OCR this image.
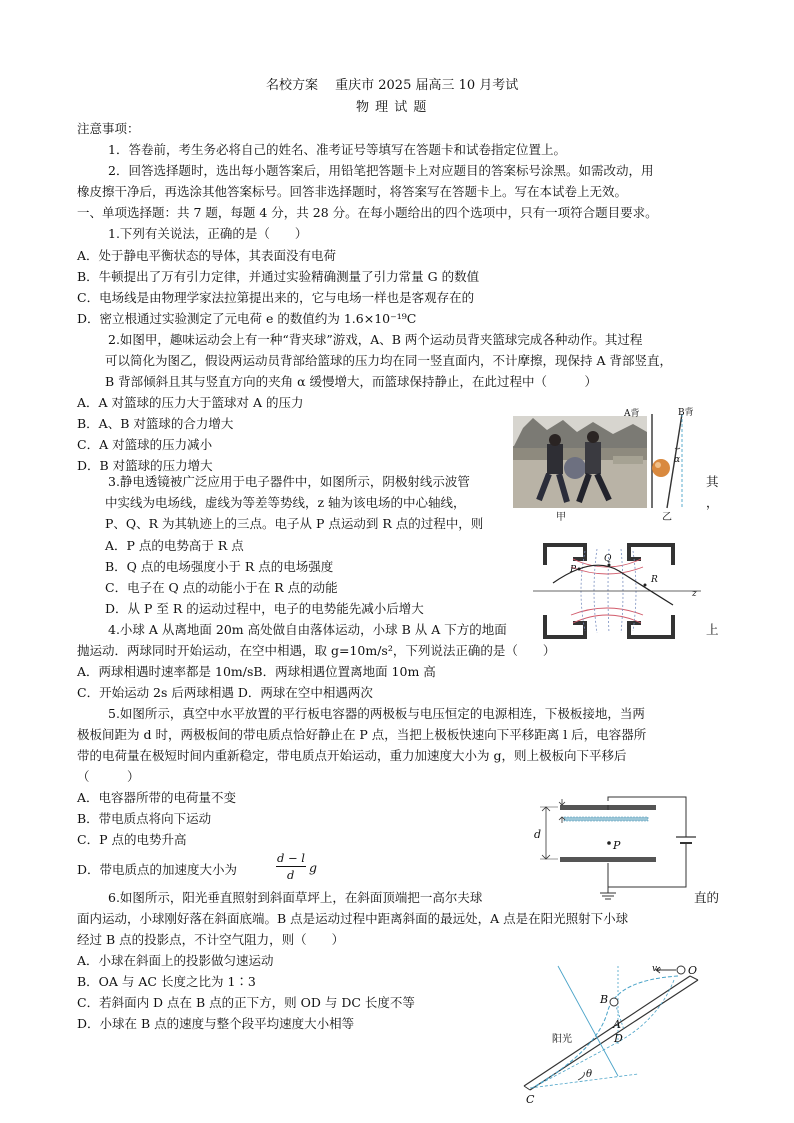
名校方案　 重庆市 2025 届高三 10 月考试
物 理 试 题
注意事项：
1．答卷前，考生务必将自己的姓名、准考证号等填写在答题卡和试卷指定位置上。
2．回答选择题时，选出每小题答案后，用铅笔把答题卡上对应题目的答案标号涂黑。如需改动，用
橡皮擦干净后，再选涂其他答案标号。回答非选择题时，将答案写在答题卡上。写在本试卷上无效。
一、单项选择题：共 7 题，每题 4 分，共 28 分。在每小题给出的四个选项中，只有一项符合题目要求。
1.下列有关说法，正确的是（　　）
A．处于静电平衡状态的导体，其表面没有电荷
B．牛顿提出了万有引力定律，并通过实验精确测量了引力常量 G 的数值
C．电场线是由物理学家法拉第提出来的，它与电场一样也是客观存在的
D．密立根通过实验测定了元电荷 e 的数值约为 1.6×10⁻¹⁹C
2.如图甲，趣味运动会上有一种“背夹球”游戏，A、B 两个运动员背夹篮球完成各种动作。其过程
可以简化为图乙，假设两运动员背部给篮球的压力均在同一竖直面内，不计摩擦，现保持 A 背部竖直，
B 背部倾斜且其与竖直方向的夹角 α 缓慢增大，而篮球保持静止，在此过程中（　　　）
A．A 对篮球的压力大于篮球对 A 的压力
B．A、B 对篮球的合力增大
C．A 对篮球的压力减小
D．B 对篮球的压力增大
甲
A背	B背
α
乙
3.静电透镜被广泛应用于电子器件中，如图所示，阴极射线示波管	其
中实线为电场线，虚线为等差等势线，z 轴为该电场的中心轴线，	，
P、Q、R 为其轨迹上的三点。电子从 P 点运动到 R 点的过程中，则
A．P 点的电势高于 R 点
B．Q 点的电场强度小于 R 点的电场强度
C．电子在 Q 点的动能小于在 R 点的动能
D．从 P 至 R 的运动过程中，电子的电势能先减小后增大
P
Q
R
z
4.小球 A 从离地面 20m 高处做自由落体运动，小球 B 从 A 下方的地面	上
抛运动．两球同时开始运动，在空中相遇，取 g=10m/s²，下列说法正确的是（　　）
A．两球相遇时速率都是 10m/sB．两球相遇位置离地面 10m 高
C．开始运动 2s 后两球相遇 D．两球在空中相遇两次
5.如图所示，真空中水平放置的平行板电容器的两极板与电压恒定的电源相连，下极板接地，当两
极板间距为 d 时，两极板间的带电质点恰好静止在 P 点，当把上极板快速向下平移距离 l 后，电容器所
带的电荷量在极短时间内重新稳定，带电质点开始运动，重力加速度大小为 g，则上极板向下平移后
（　　　）
A．电容器所带的电荷量不变
B．带电质点将向下运动
C．P 点的电势升高
D．带电质点的加速度大小为
d − l
d g
d
P
6.如图所示，阳光垂直照射到斜面草坪上，在斜面顶端把一高尔夫球	直的
面内运动，小球刚好落在斜面底端。B 点是运动过程中距离斜面的最远处，A 点是在阳光照射下小球
经过 B 点的投影点，不计空气阻力，则（　　）
A．小球在斜面上的投影做匀速运动
B．OA 与 AC 长度之比为 1∶3
C．若斜面内 D 点在 B 点的正下方，则 OD 与 DC 长度不等
D．小球在 B 点的速度与整个段平均速度大小相等
v₀ O
B
A
D
C
阳光
θ
